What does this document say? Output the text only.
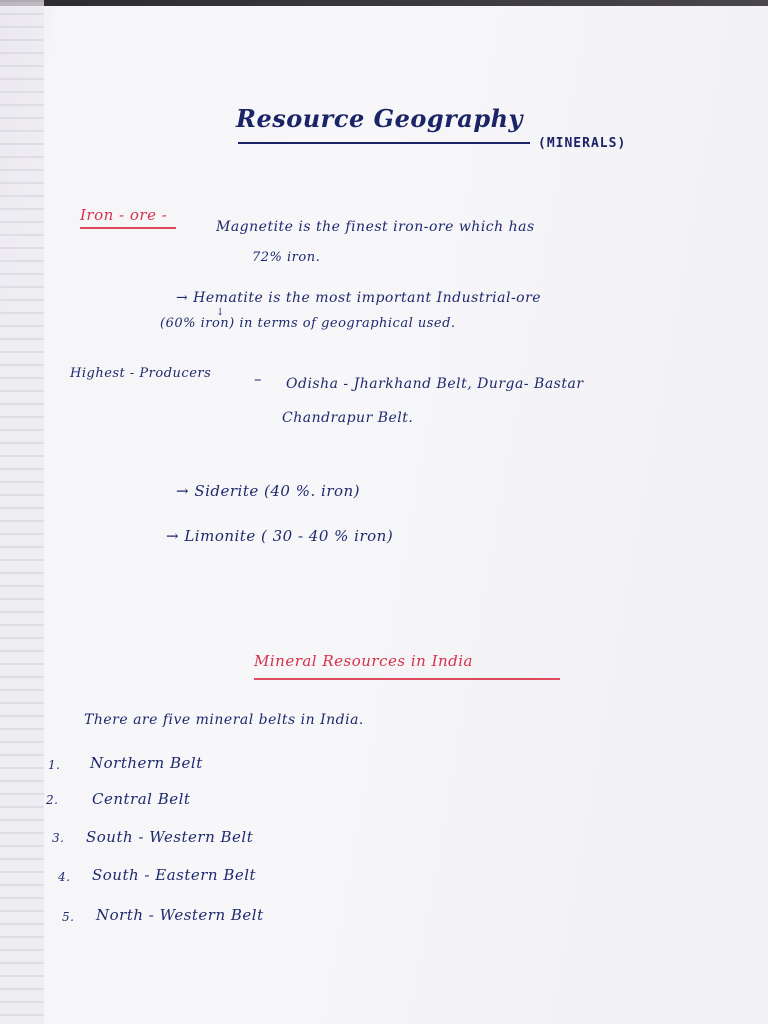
Resource Geography
(MINERALS)
Iron - ore -
Magnetite is the finest iron-ore which has
72% iron.
→ Hematite is the most important Industrial-ore
↓
(60% iron) in terms of geographical used.
Highest - Producers	– Odisha - Jharkhand Belt, Durga- Bastar
Chandrapur Belt.
→ Siderite (40 %. iron)
→ Limonite ( 30 - 40 % iron)
Mineral Resources in India
There are five mineral belts in India.
1. Northern Belt
2. Central Belt
3. South - Western Belt
4. South - Eastern Belt
5. North - Western Belt
